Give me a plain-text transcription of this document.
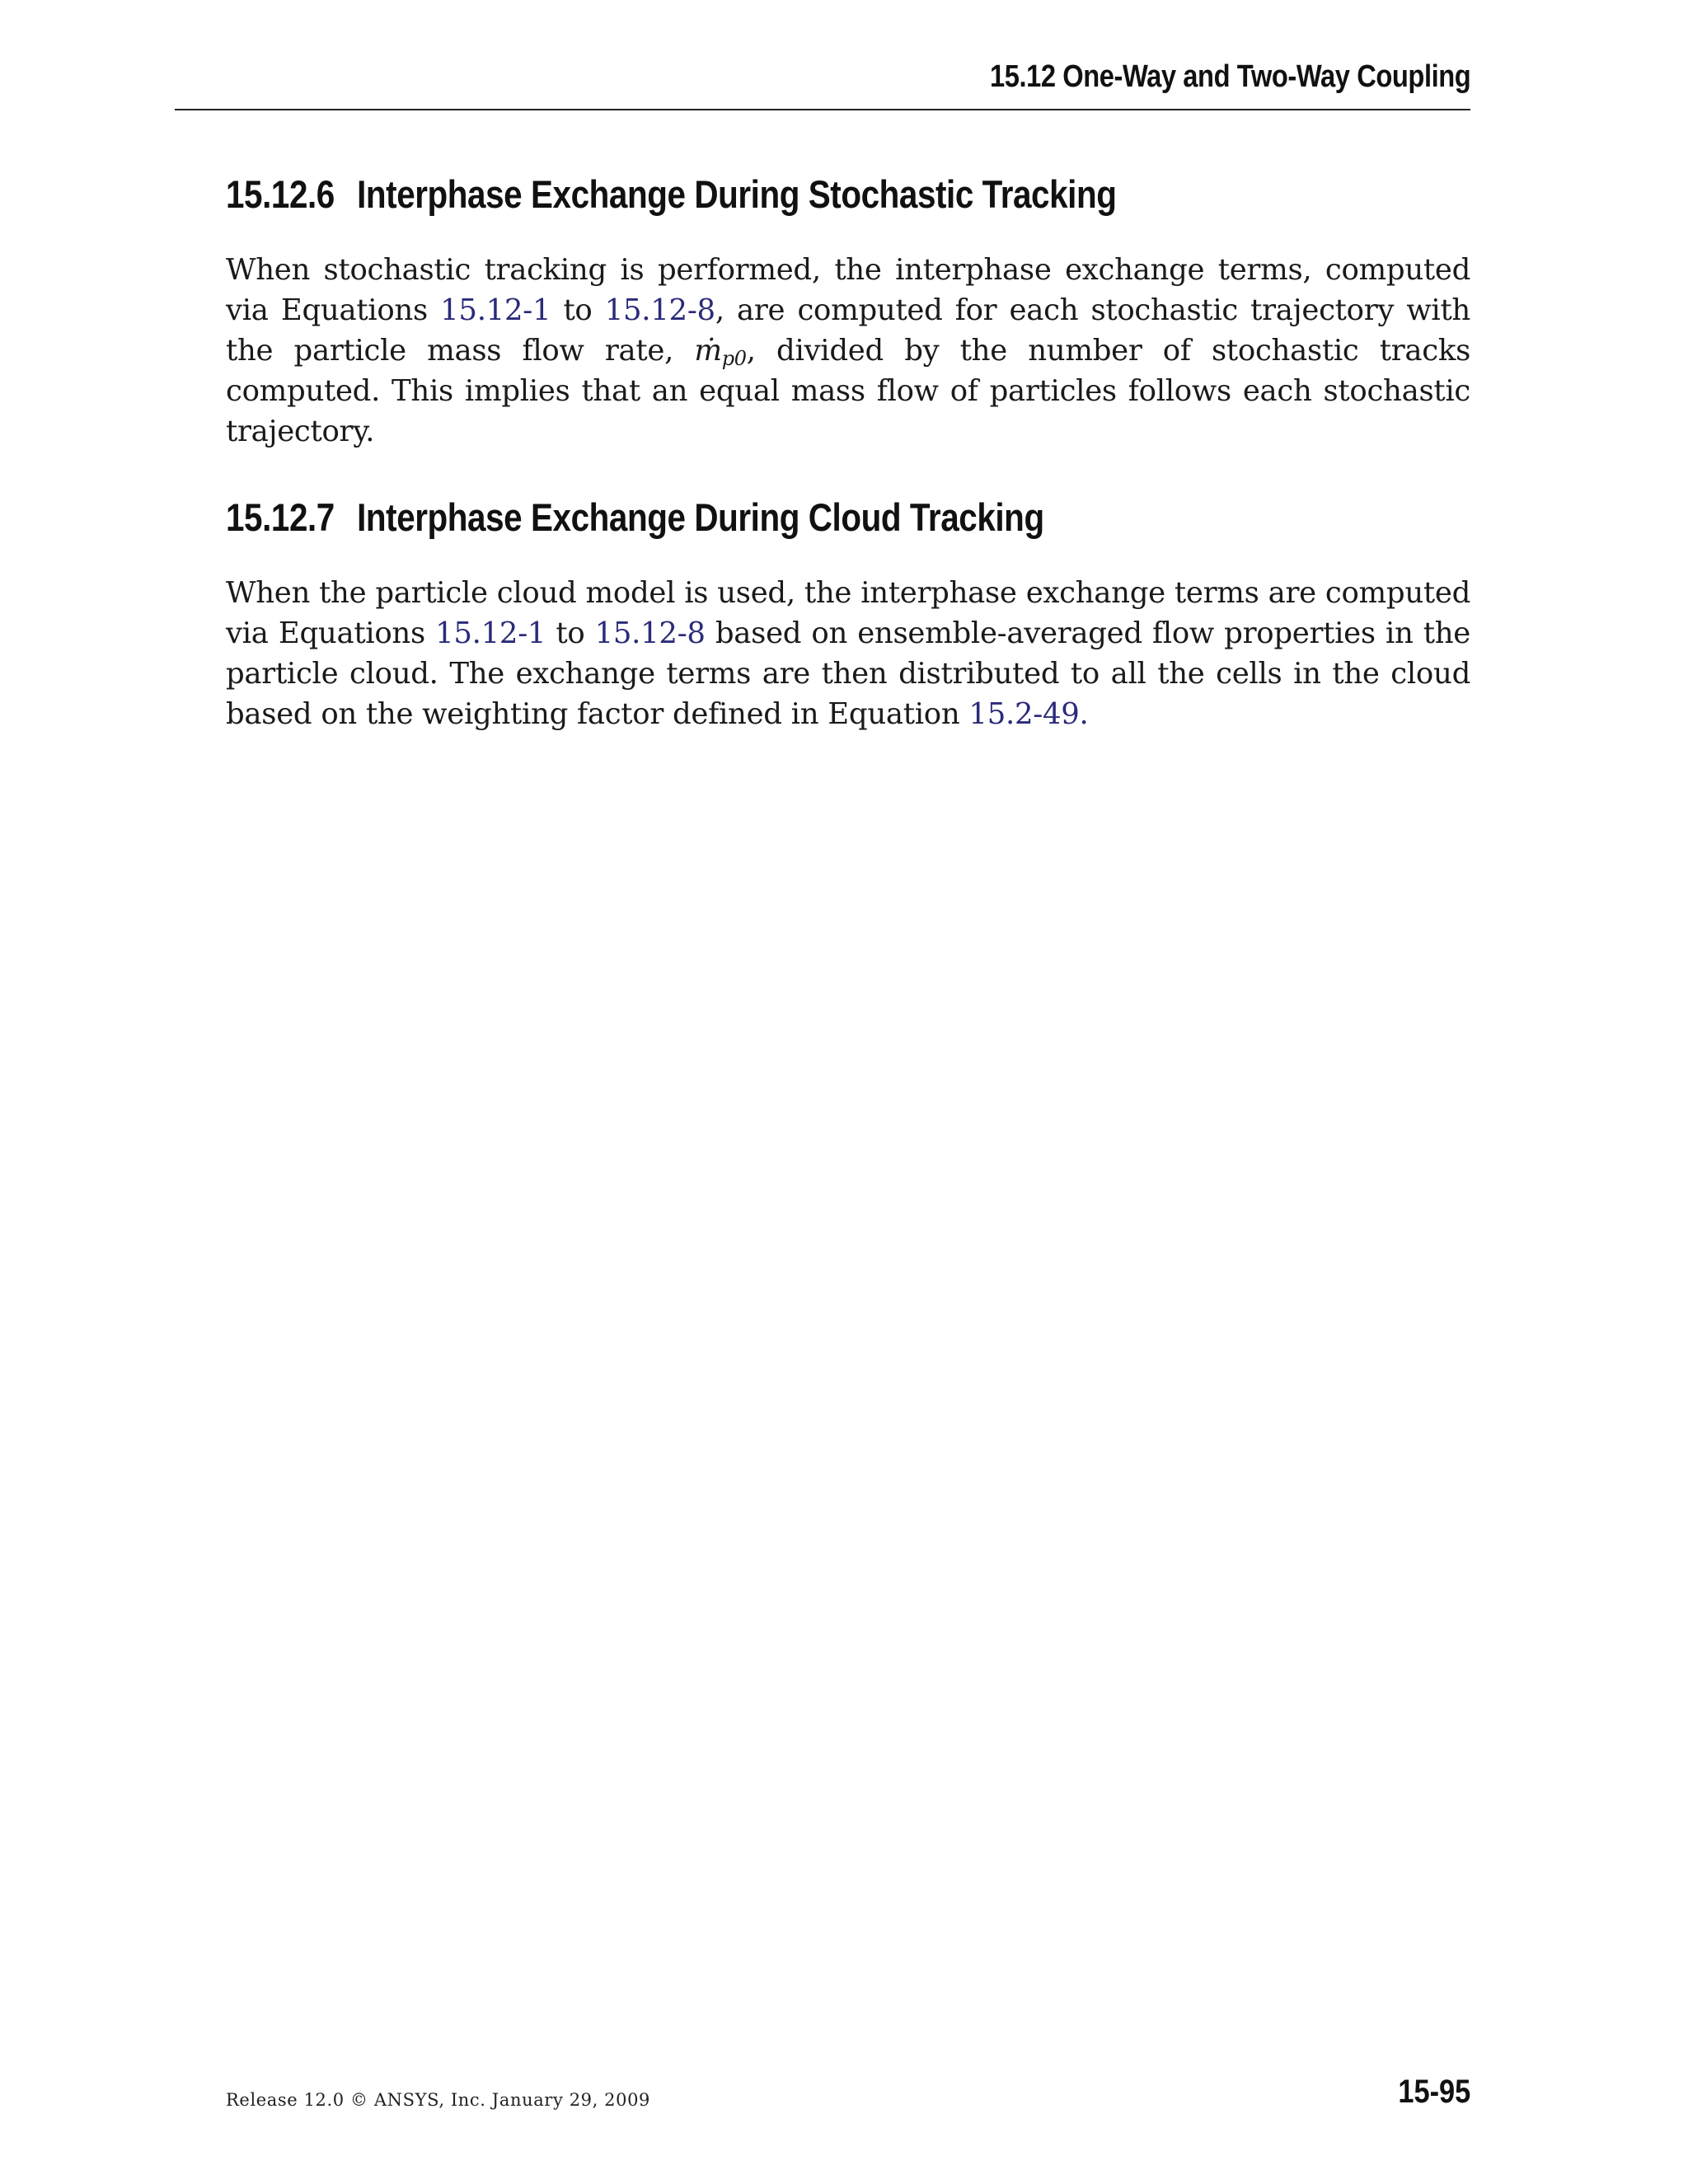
15.12 One-Way and Two-Way Coupling
15.12.6 Interphase Exchange During Stochastic Tracking

When stochastic tracking is performed, the interphase exchange terms, computed via Equations 15.12-1 to 15.12-8, are computed for each stochastic trajectory with the particle mass flow rate, ṁ$_{p0}$, divided by the number of stochastic tracks computed. This implies that an equal mass flow of particles follows each stochastic trajectory.

15.12.7 Interphase Exchange During Cloud Tracking

When the particle cloud model is used, the interphase exchange terms are computed via Equations 15.12-1 to 15.12-8 based on ensemble-averaged flow properties in the particle cloud. The exchange terms are then distributed to all the cells in the cloud based on the weighting factor defined in Equation 15.2-49.

Release 12.0 © ANSYS, Inc. January 29, 2009	15-95
